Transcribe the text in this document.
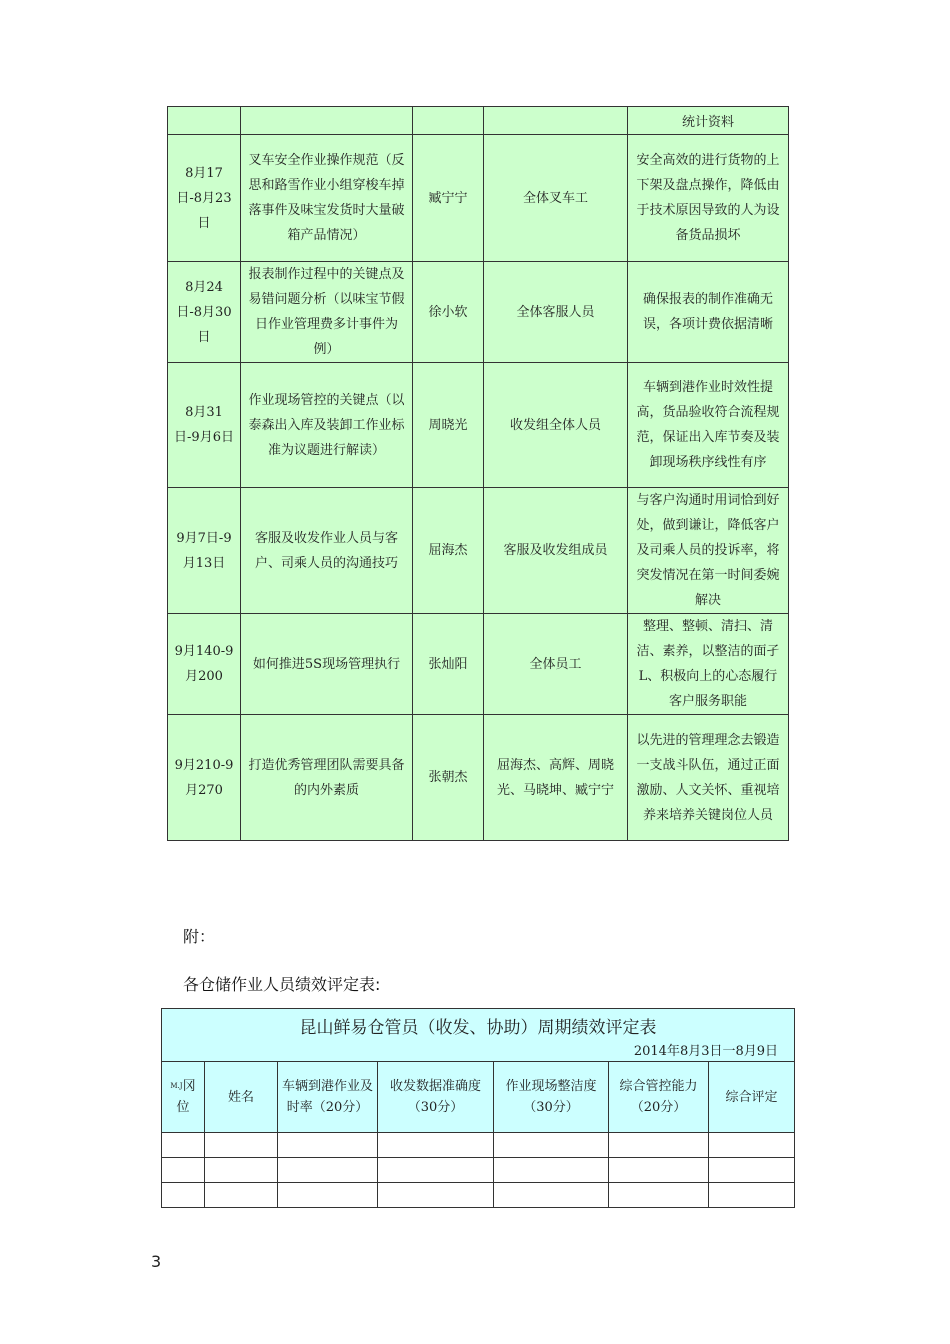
				统计资料
8月17日-8月23日	叉车安全作业操作规范（反思和路雪作业小组穿梭车掉落事件及味宝发货时大量破箱产品情况）	臧宁宁	全体叉车工	安全高效的进行货物的上下架及盘点操作，降低由于技术原因导致的人为设备货品损坏
8月24日-8月30日	报表制作过程中的关键点及易错问题分析（以味宝节假日作业管理费多计事件为例）	徐小软	全体客服人员	确保报表的制作准确无误，各项计费依据清晰
8月31日-9月6日	作业现场管控的关键点（以泰森出入库及装卸工作业标准为议题进行解读）	周晓光	收发组全体人员	车辆到港作业时效性提高，货品验收符合流程规范，保证出入库节奏及装卸现场秩序线性有序
9月7日-9月13日	客服及收发作业人员与客户、司乘人员的沟通技巧	屈海杰	客服及收发组成员	与客户沟通时用词恰到好处，做到谦让，降低客户及司乘人员的投诉率，将突发情况在第一时间委婉解决
9月140-9月200	如何推进5S现场管理执行	张灿阳	全体员工	整理、整顿、清扫、清洁、素养，以整洁的面孑L、积极向上的心态履行客户服务职能
9月210-9月270	打造优秀管理团队需要具备的内外素质	张朝杰	屈海杰、高辉、周晓光、马晓坤、臧宁宁	以先进的管理理念去锻造一支战斗队伍，通过正面激励、人文关怀、重视培养来培养关键岗位人员
附：
各仓储作业人员绩效评定表:
昆山鲜易仓管员（收发、协助）周期绩效评定表						
2014年8月3日一8月9日						
M.J冈位	姓名	车辆到港作业及时率（20分）	收发数据准确度（30分）	作业现场整洁度（30分）	综合管控能力（20分）	综合评定

3
